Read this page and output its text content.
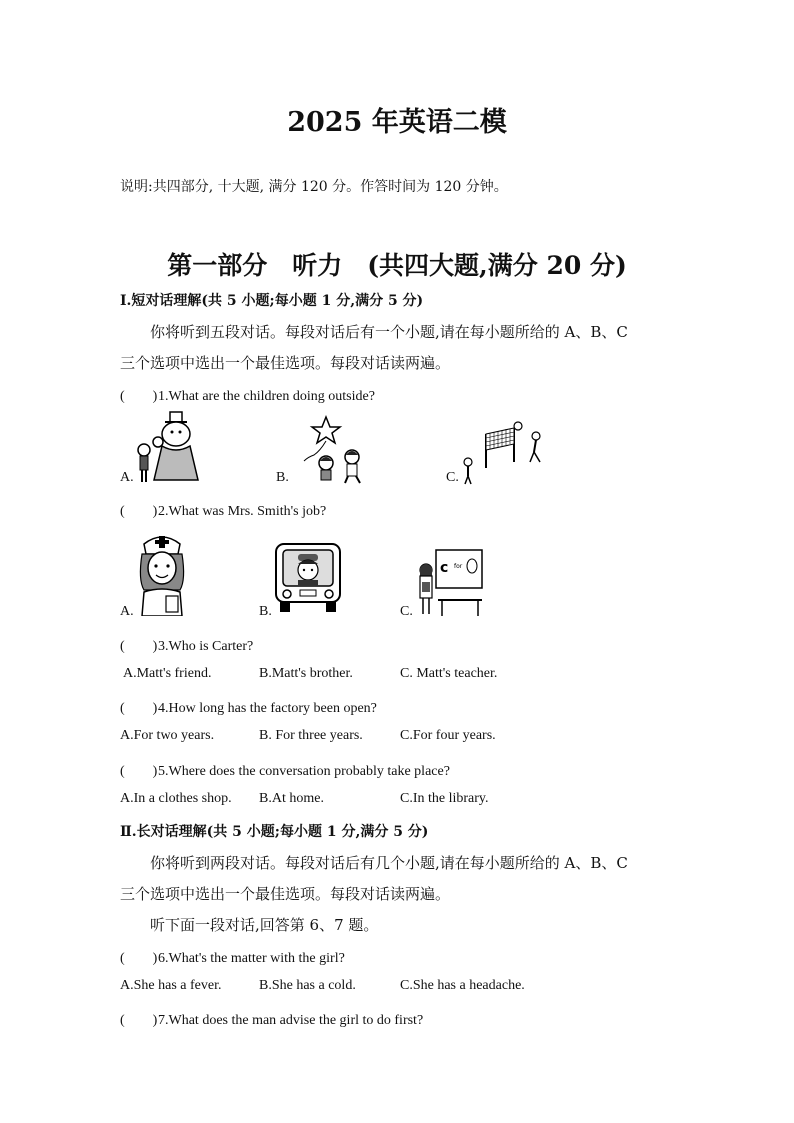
2025 年英语二模
说明:共四部分, 十大题, 满分 120 分。作答时间为 120 分钟。
第一部分　听力　(共四大题,满分 20 分)
Ⅰ.短对话理解(共 5 小题;每小题 1 分,满分 5 分)
你将听到五段对话。每段对话后有一个小题,请在每小题所给的 A、B、C
三个选项中选出一个最佳选项。每段对话读两遍。
(　　)1.What are the children doing outside?
A.	B.	C.
(　　)2.What was Mrs. Smith's job?
A.	B.	C.
c for
(　　)3.Who is Carter?
A.Matt's friend.	B.Matt's brother.	C. Matt's teacher.
(　　)4.How long has the factory been open?
A.For two years.	B. For three years.	C.For four years.
(　　)5.Where does the conversation probably take place?
A.In a clothes shop. B.At home.	C.In the library.
Ⅱ.长对话理解(共 5 小题;每小题 1 分,满分 5 分)
你将听到两段对话。每段对话后有几个小题,请在每小题所给的 A、B、C
三个选项中选出一个最佳选项。每段对话读两遍。
听下面一段对话,回答第 6、7 题。
(　　)6.What's the matter with the girl?
A.She has a fever.	B.She has a cold.	C.She has a headache.
(　　)7.What does the man advise the girl to do first?
